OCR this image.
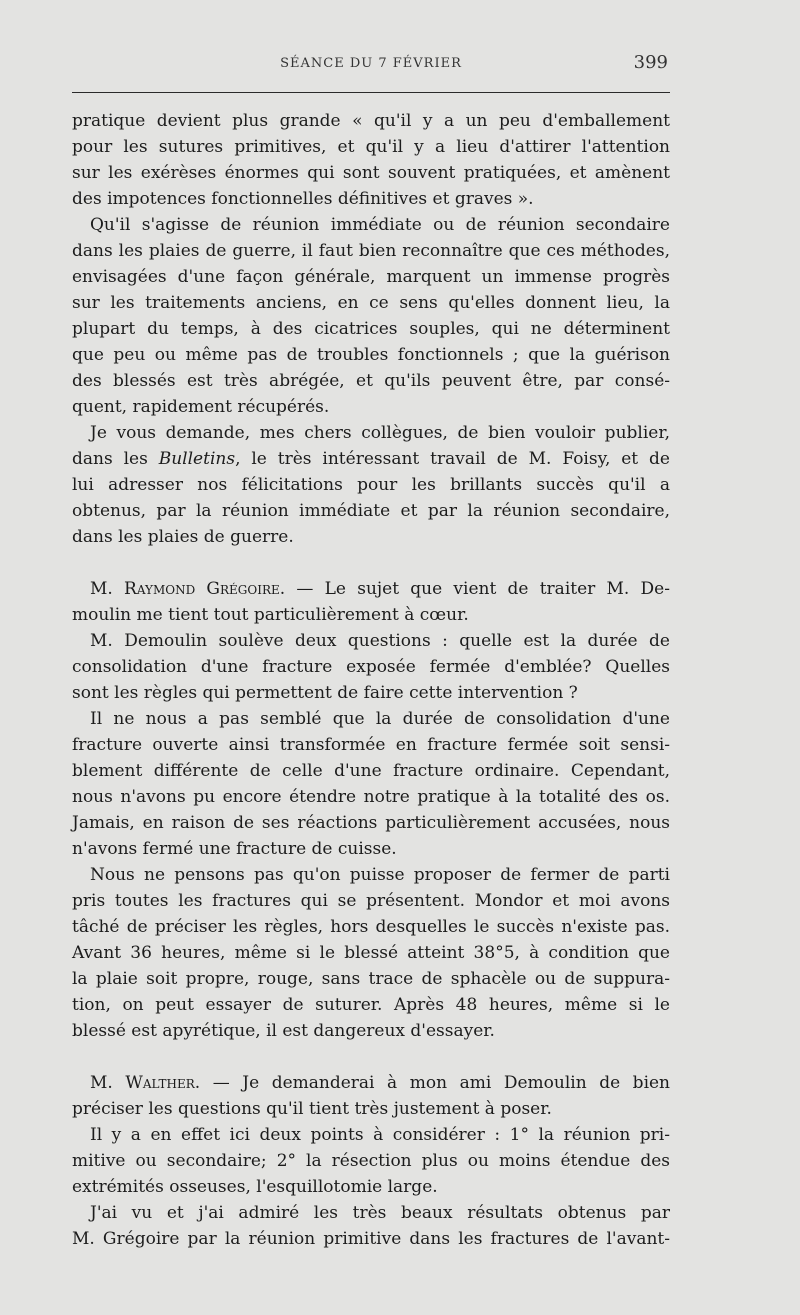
SÉANCE DU 7 FÉVRIER	399
pratique devient plus grande « qu'il y a un peu d'emballement
pour les sutures primitives, et qu'il y a lieu d'attirer l'attention
sur les exérèses énormes qui sont souvent pratiquées, et amènent
des impotences fonctionnelles définitives et graves ».
Qu'il s'agisse de réunion immédiate ou de réunion secondaire
dans les plaies de guerre, il faut bien reconnaître que ces méthodes,
envisagées d'une façon générale, marquent un immense progrès
sur les traitements anciens, en ce sens qu'elles donnent lieu, la
plupart du temps, à des cicatrices souples, qui ne déterminent
que peu ou même pas de troubles fonctionnels ; que la guérison
des blessés est très abrégée, et qu'ils peuvent être, par consé-
quent, rapidement récupérés.
Je vous demande, mes chers collègues, de bien vouloir publier,
dans les Bulletins, le très intéressant travail de M. Foisy, et de
lui adresser nos félicitations pour les brillants succès qu'il a
obtenus, par la réunion immédiate et par la réunion secondaire,
dans les plaies de guerre.
M. Raymond Grégoire. — Le sujet que vient de traiter M. De-
moulin me tient tout particulièrement à cœur.
M. Demoulin soulève deux questions : quelle est la durée de
consolidation d'une fracture exposée fermée d'emblée? Quelles
sont les règles qui permettent de faire cette intervention ?
Il ne nous a pas semblé que la durée de consolidation d'une
fracture ouverte ainsi transformée en fracture fermée soit sensi-
blement différente de celle d'une fracture ordinaire. Cependant,
nous n'avons pu encore étendre notre pratique à la totalité des os.
Jamais, en raison de ses réactions particulièrement accusées, nous
n'avons fermé une fracture de cuisse.
Nous ne pensons pas qu'on puisse proposer de fermer de parti
pris toutes les fractures qui se présentent. Mondor et moi avons
tâché de préciser les règles, hors desquelles le succès n'existe pas.
Avant 36 heures, même si le blessé atteint 38°5, à condition que
la plaie soit propre, rouge, sans trace de sphacèle ou de suppura-
tion, on peut essayer de suturer. Après 48 heures, même si le
blessé est apyrétique, il est dangereux d'essayer.
M. Walther. — Je demanderai à mon ami Demoulin de bien
préciser les questions qu'il tient très justement à poser.
Il y a en effet ici deux points à considérer : 1° la réunion pri-
mitive ou secondaire; 2° la résection plus ou moins étendue des
extrémités osseuses, l'esquillotomie large.
J'ai vu et j'ai admiré les très beaux résultats obtenus par
M. Grégoire par la réunion primitive dans les fractures de l'avant-
